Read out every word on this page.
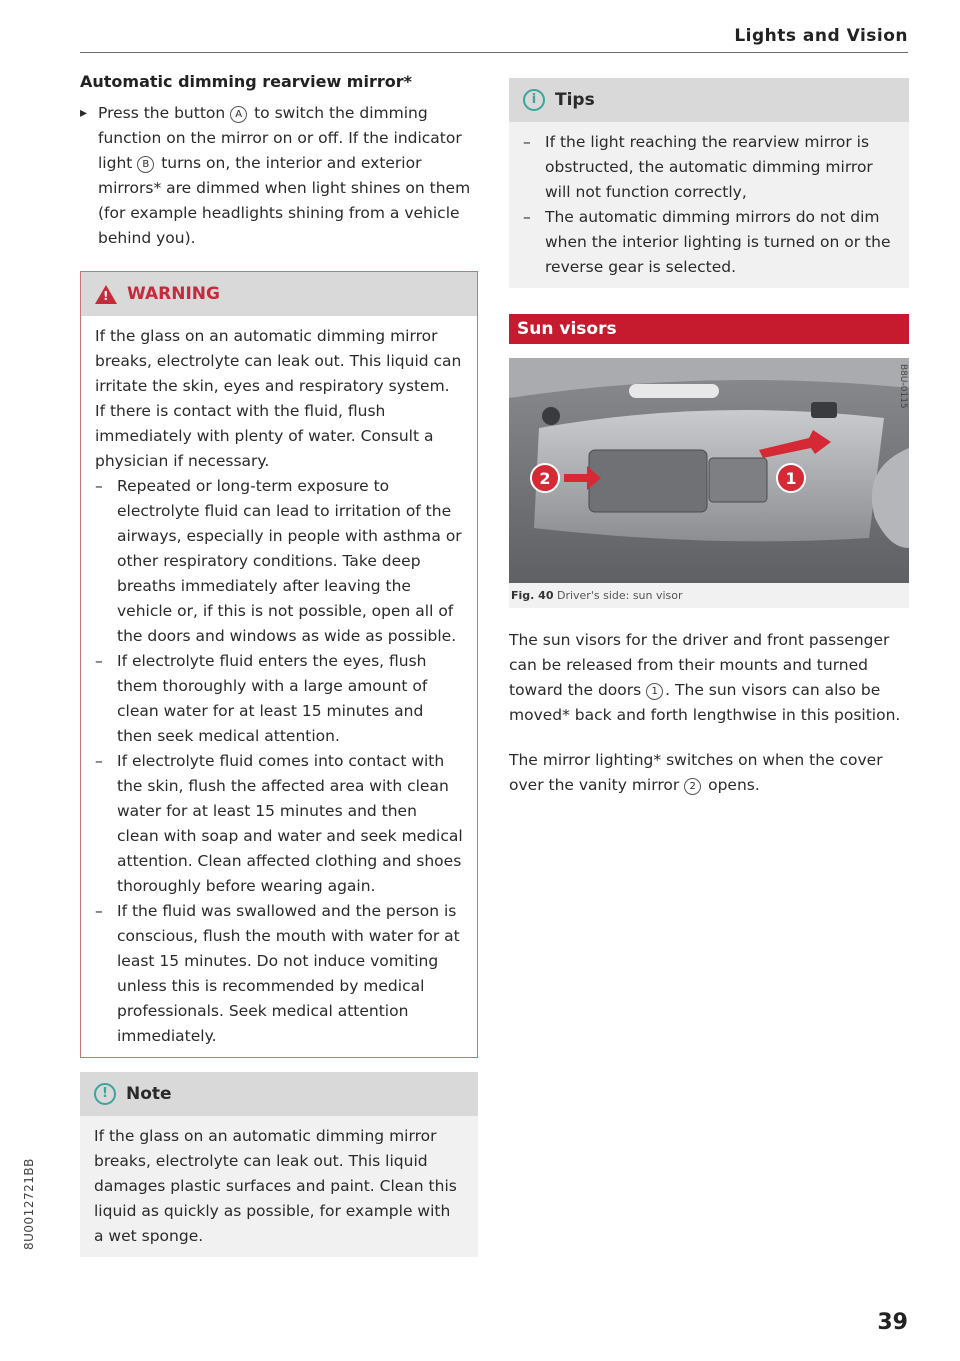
Lights and Vision
Automatic dimming rearview mirror*

▸ Press the button A to switch the dimming function on the mirror on or off. If the indicator light B turns on, the interior and exterior mirrors* are dimmed when light shines on them (for example headlights shining from a vehicle behind you).

! WARNING

If the glass on an automatic dimming mirror breaks, electrolyte can leak out. This liquid can irritate the skin, eyes and respiratory system. If there is contact with the fluid, flush immediately with plenty of water. Consult a physician if necessary.

– Repeated or long-term exposure to electrolyte fluid can lead to irritation of the airways, especially in people with asthma or other respiratory conditions. Take deep breaths immediately after leaving the vehicle or, if this is not possible, open all of the doors and windows as wide as possible.
– If electrolyte fluid enters the eyes, flush them thoroughly with a large amount of clean water for at least 15 minutes and then seek medical attention.
– If electrolyte fluid comes into contact with the skin, flush the affected area with clean water for at least 15 minutes and then clean with soap and water and seek medical attention. Clean affected clothing and shoes thoroughly before wearing again.
– If the fluid was swallowed and the person is conscious, flush the mouth with water for at least 15 minutes. Do not induce vomiting unless this is recommended by medical professionals. Seek medical attention immediately.
!	Note

If the glass on an automatic dimming mirror breaks, electrolyte can leak out. This liquid damages plastic surfaces and paint. Clean this liquid as quickly as possible, for example with a wet sponge.

i	Tips
– If the light reaching the rearview mirror is obstructed, the automatic dimming mirror will not function correctly,
– The automatic dimming mirrors do not dim when the interior lighting is turned on or the reverse gear is selected.
Sun visors
2	1
B8U-0115
Fig. 40 Driver's side: sun visor

The sun visors for the driver and front passenger can be released from their mounts and turned toward the doors 1 . The sun visors can also be moved* back and forth lengthwise in this position.

The mirror lighting* switches on when the cover over the vanity mirror 2 opens.

8U0012721BB
39
